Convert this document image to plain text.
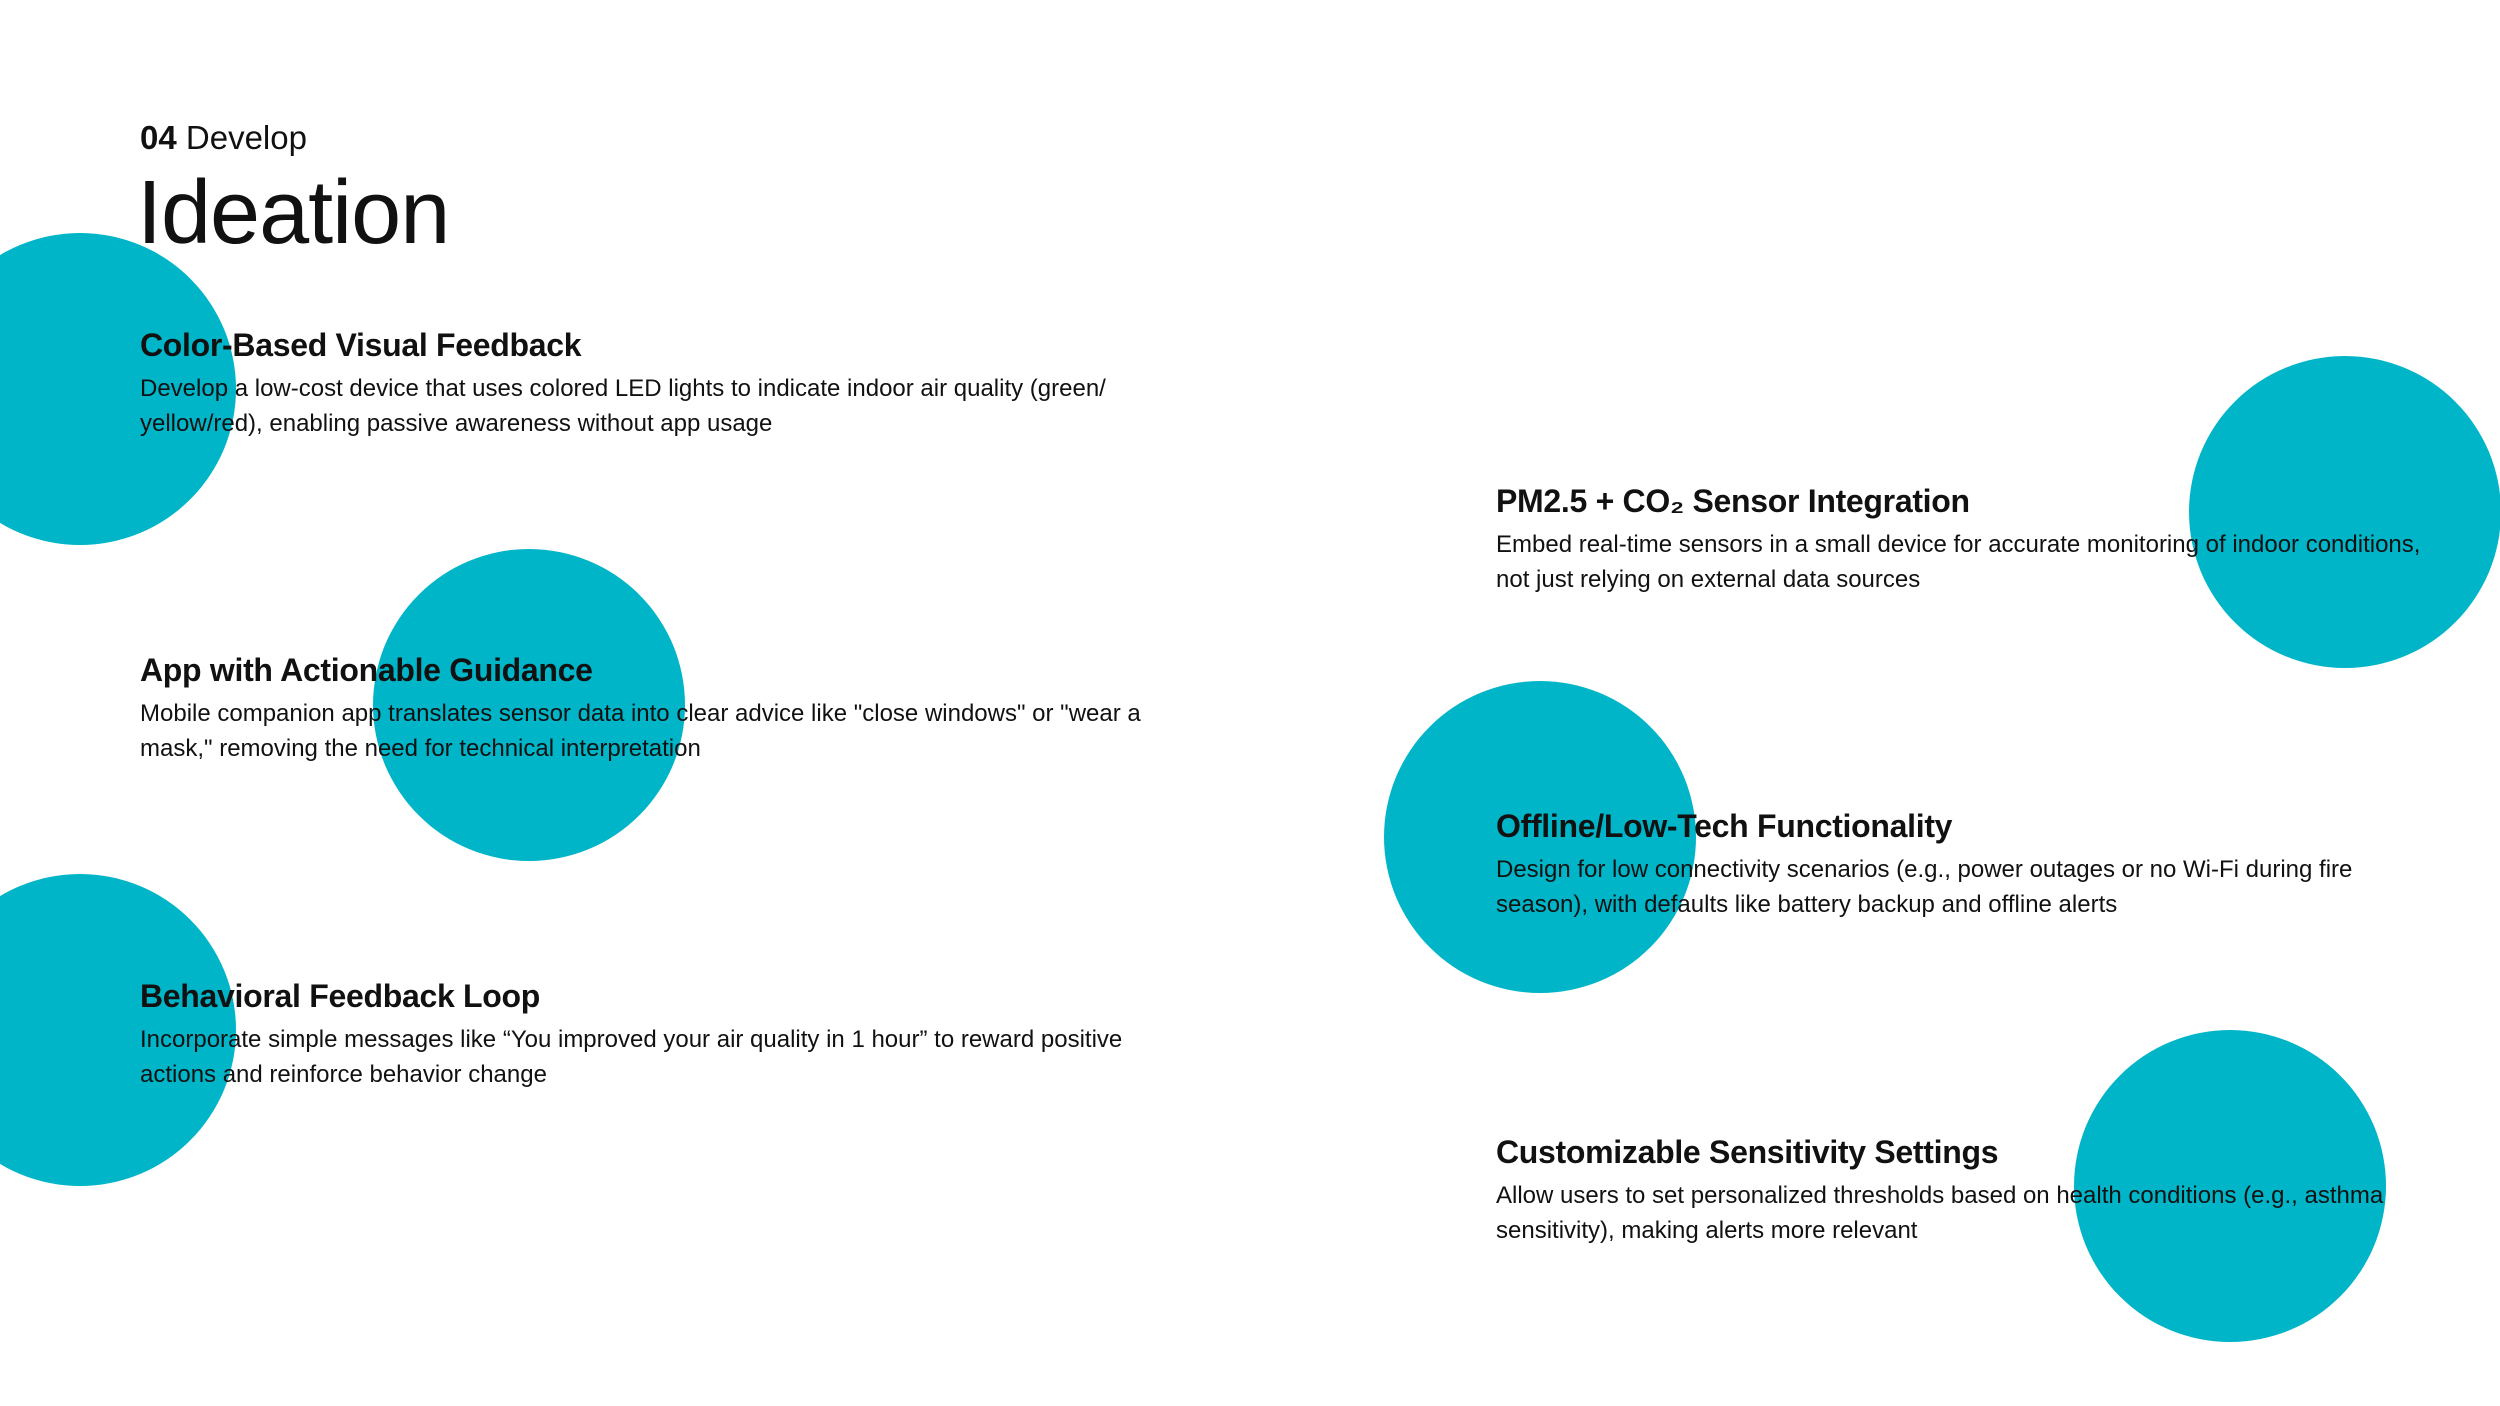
04 Develop
Ideation
Color-Based Visual Feedback

Develop a low-cost device that uses colored LED lights to indicate indoor air quality (green/ yellow/red), enabling passive awareness without app usage

App with Actionable Guidance

Mobile companion app translates sensor data into clear advice like "close windows" or "wear a mask," removing the need for technical interpretation

Behavioral Feedback Loop

Incorporate simple messages like “You improved your air quality in 1 hour” to reward positive actions and reinforce behavior change

PM2.5 + CO₂ Sensor Integration

Embed real-time sensors in a small device for accurate monitoring of indoor conditions, not just relying on external data sources

Offline/Low-Tech Functionality

Design for low connectivity scenarios (e.g., power outages or no Wi-Fi during fire season), with defaults like battery backup and offline alerts

Customizable Sensitivity Settings

Allow users to set personalized thresholds based on health conditions (e.g., asthma sensitivity), making alerts more relevant
